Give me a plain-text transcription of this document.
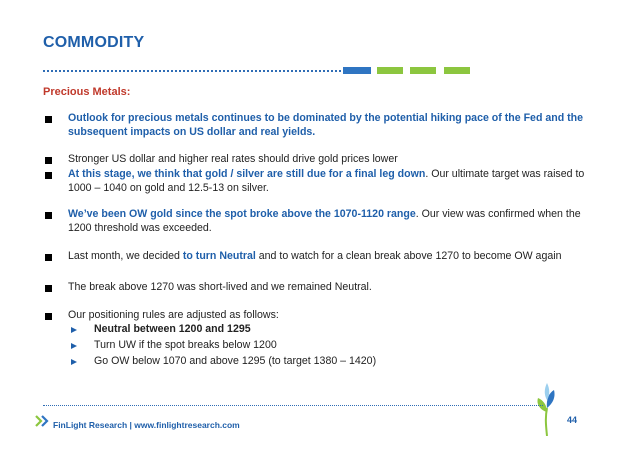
COMMODITY
Precious Metals:
Outlook for precious metals continues to be dominated by the potential hiking pace of the Fed and the subsequent impacts on US dollar and real yields.
Stronger US dollar and higher real rates should drive gold prices lower
At this stage, we think that gold / silver are still due for a final leg down. Our ultimate target was raised to 1000 – 1040 on gold and 12.5-13 on silver.
We’ve been OW gold since the spot broke above the 1070-1120 range. Our view was confirmed when the 1200 threshold was exceeded.
Last month, we decided to turn Neutral and to watch for a clean break above 1270 to become OW again
The break above 1270 was short-lived and we remained Neutral.
Our positioning rules are adjusted as follows:
Neutral between 1200 and 1295
Turn UW if the spot breaks below 1200
Go OW below 1070 and above 1295 (to target 1380 – 1420)
FinLight Research | www.finlightresearch.com	44
